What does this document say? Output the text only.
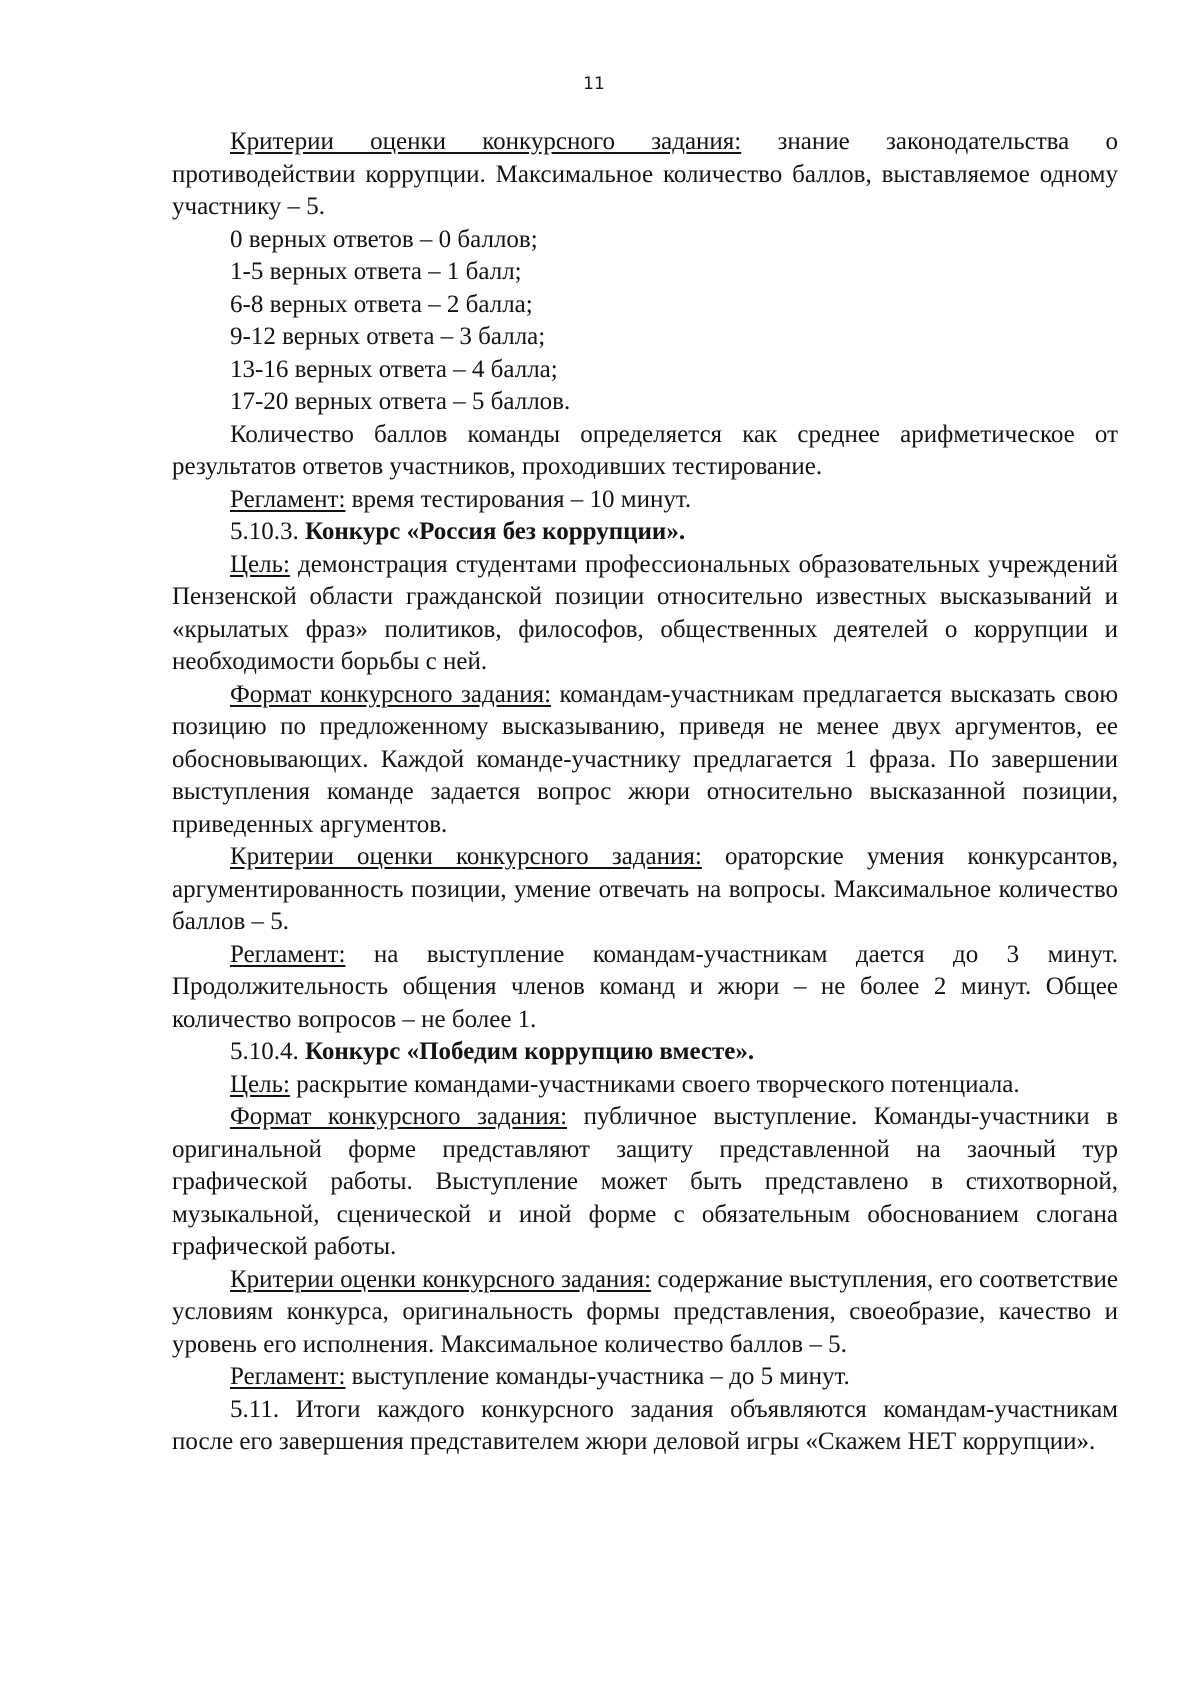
11

Критерии оценки конкурсного задания: знание законодательства о противодействии коррупции. Максимальное количество баллов, выставляемое одному участнику – 5.

0 верных ответов – 0 баллов;

1-5 верных ответа – 1 балл;

6-8 верных ответа – 2 балла;

9-12 верных ответа – 3 балла;

13-16 верных ответа – 4 балла;

17-20 верных ответа – 5 баллов.

Количество баллов команды определяется как среднее арифметическое от результатов ответов участников, проходивших тестирование.

Регламент: время тестирования – 10 минут.

5.10.3. Конкурс «Россия без коррупции».

Цель: демонстрация студентами профессиональных образовательных учреждений Пензенской области гражданской позиции относительно известных высказываний и «крылатых фраз» политиков, философов, общественных деятелей о коррупции и необходимости борьбы с ней.

Формат конкурсного задания: командам-участникам предлагается высказать свою позицию по предложенному высказыванию, приведя не менее двух аргументов, ее обосновывающих. Каждой команде-участнику предлагается 1 фраза. По завершении выступления команде задается вопрос жюри относительно высказанной позиции, приведенных аргументов.

Критерии оценки конкурсного задания: ораторские умения конкурсантов, аргументированность позиции, умение отвечать на вопросы. Максимальное количество баллов – 5.

Регламент: на выступление командам-участникам дается до 3 минут. Продолжительность общения членов команд и жюри – не более 2 минут. Общее количество вопросов – не более 1.

5.10.4. Конкурс «Победим коррупцию вместе».

Цель: раскрытие командами-участниками своего творческого потенциала.

Формат конкурсного задания: публичное выступление. Команды-участники в оригинальной форме представляют защиту представленной на заочный тур графической работы. Выступление может быть представлено в стихотворной, музыкальной, сценической и иной форме с обязательным обоснованием слогана графической работы.

Критерии оценки конкурсного задания: содержание выступления, его соответствие условиям конкурса, оригинальность формы представления, своеобразие, качество и уровень его исполнения. Максимальное количество баллов – 5.

Регламент: выступление команды-участника – до 5 минут.

5.11. Итоги каждого конкурсного задания объявляются командам-участникам после его завершения представителем жюри деловой игры «Скажем НЕТ коррупции».
